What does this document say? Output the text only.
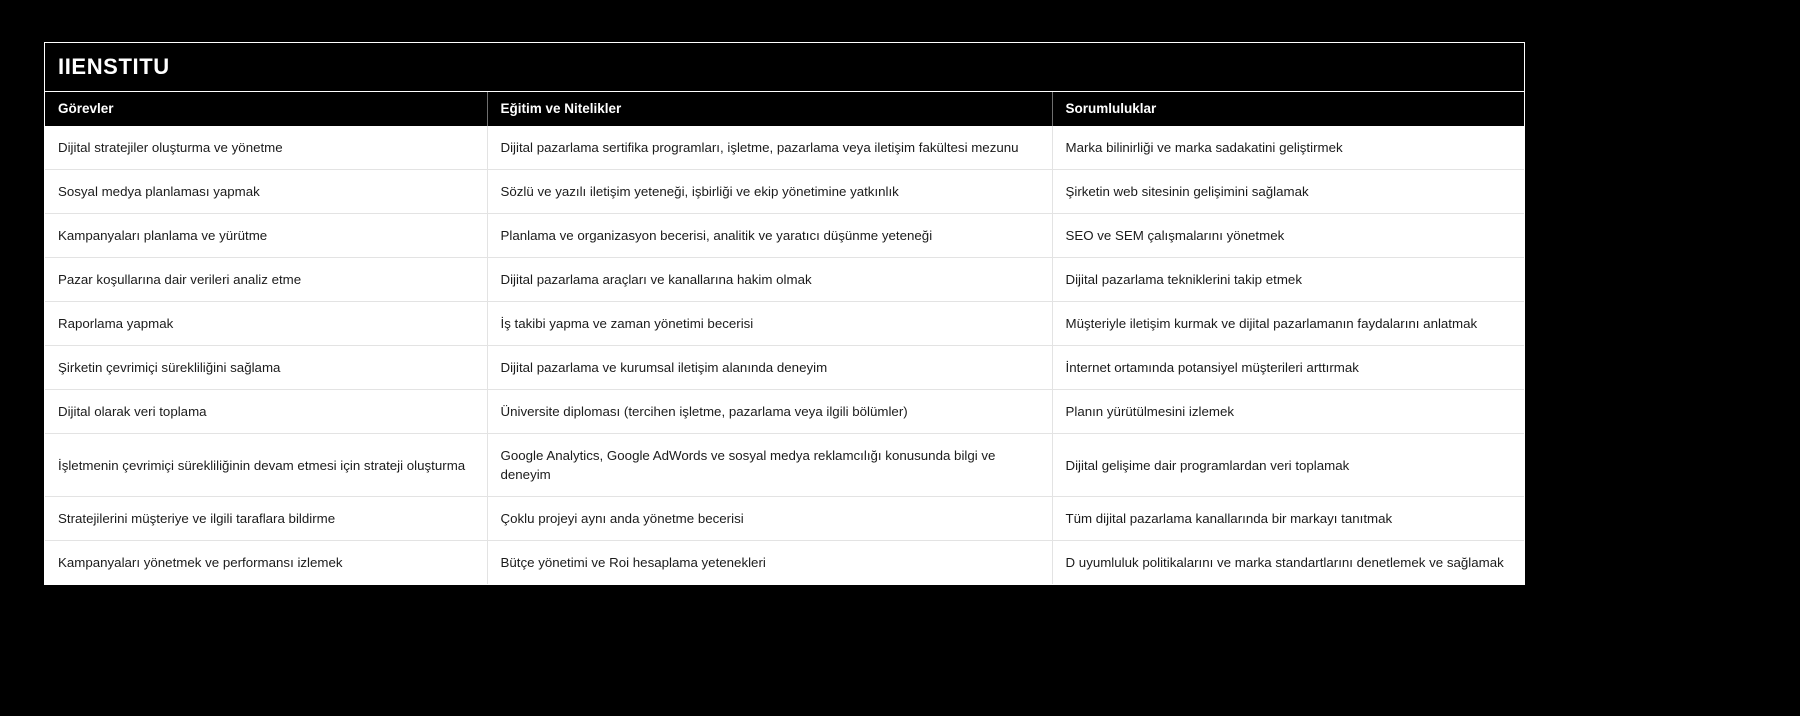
IIENSTITU
Görevler	Eğitim ve Nitelikler	Sorumluluklar
Dijital stratejiler oluşturma ve yönetme	Dijital pazarlama sertifika programları, işletme, pazarlama veya iletişim fakültesi mezunu	Marka bilinirliği ve marka sadakatini geliştirmek
Sosyal medya planlaması yapmak	Sözlü ve yazılı iletişim yeteneği, işbirliği ve ekip yönetimine yatkınlık	Şirketin web sitesinin gelişimini sağlamak
Kampanyaları planlama ve yürütme	Planlama ve organizasyon becerisi, analitik ve yaratıcı düşünme yeteneği	SEO ve SEM çalışmalarını yönetmek
Pazar koşullarına dair verileri analiz etme	Dijital pazarlama araçları ve kanallarına hakim olmak	Dijital pazarlama tekniklerini takip etmek
Raporlama yapmak	İş takibi yapma ve zaman yönetimi becerisi	Müşteriyle iletişim kurmak ve dijital pazarlamanın faydalarını anlatmak
Şirketin çevrimiçi sürekliliğini sağlama	Dijital pazarlama ve kurumsal iletişim alanında deneyim	İnternet ortamında potansiyel müşterileri arttırmak
Dijital olarak veri toplama	Üniversite diploması (tercihen işletme, pazarlama veya ilgili bölümler)	Planın yürütülmesini izlemek
İşletmenin çevrimiçi sürekliliğinin devam etmesi için strateji oluşturma	Google Analytics, Google AdWords ve sosyal medya reklamcılığı konusunda bilgi ve deneyim	Dijital gelişime dair programlardan veri toplamak
Stratejilerini müşteriye ve ilgili taraflara bildirme	Çoklu projeyi aynı anda yönetme becerisi	Tüm dijital pazarlama kanallarında bir markayı tanıtmak
Kampanyaları yönetmek ve performansı izlemek	Bütçe yönetimi ve Roi hesaplama yetenekleri	D uyumluluk politikalarını ve marka standartlarını denetlemek ve sağlamak
